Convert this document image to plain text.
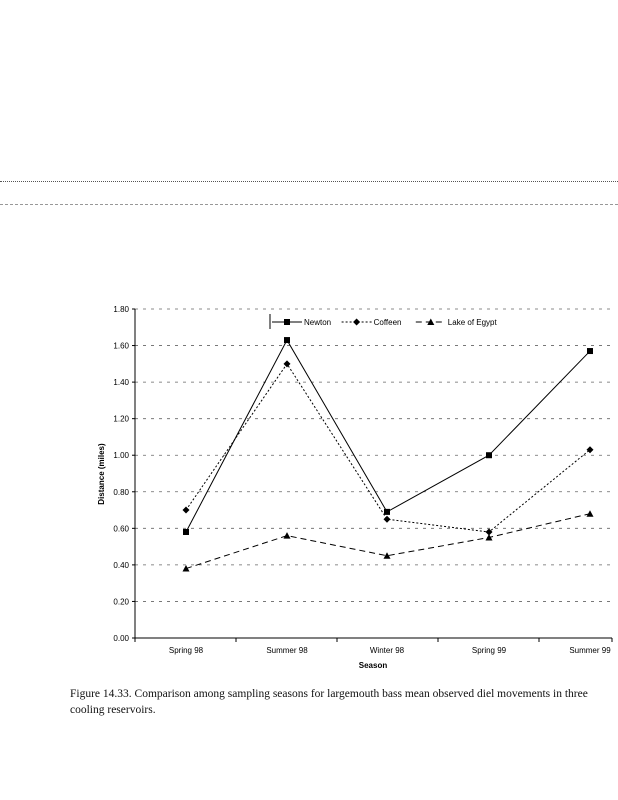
0.00
0.20
0.40
0.60
0.80
1.00
1.20
1.40
1.60
1.80
Spring 98	Summer 98	Winter 98	Spring 99	Summer 99
Newton	Coffeen	Lake of Egypt
Season
Distance (miles)
Figure 14.33. Comparison among sampling seasons for largemouth bass mean observed diel movements in three cooling reservoirs.
